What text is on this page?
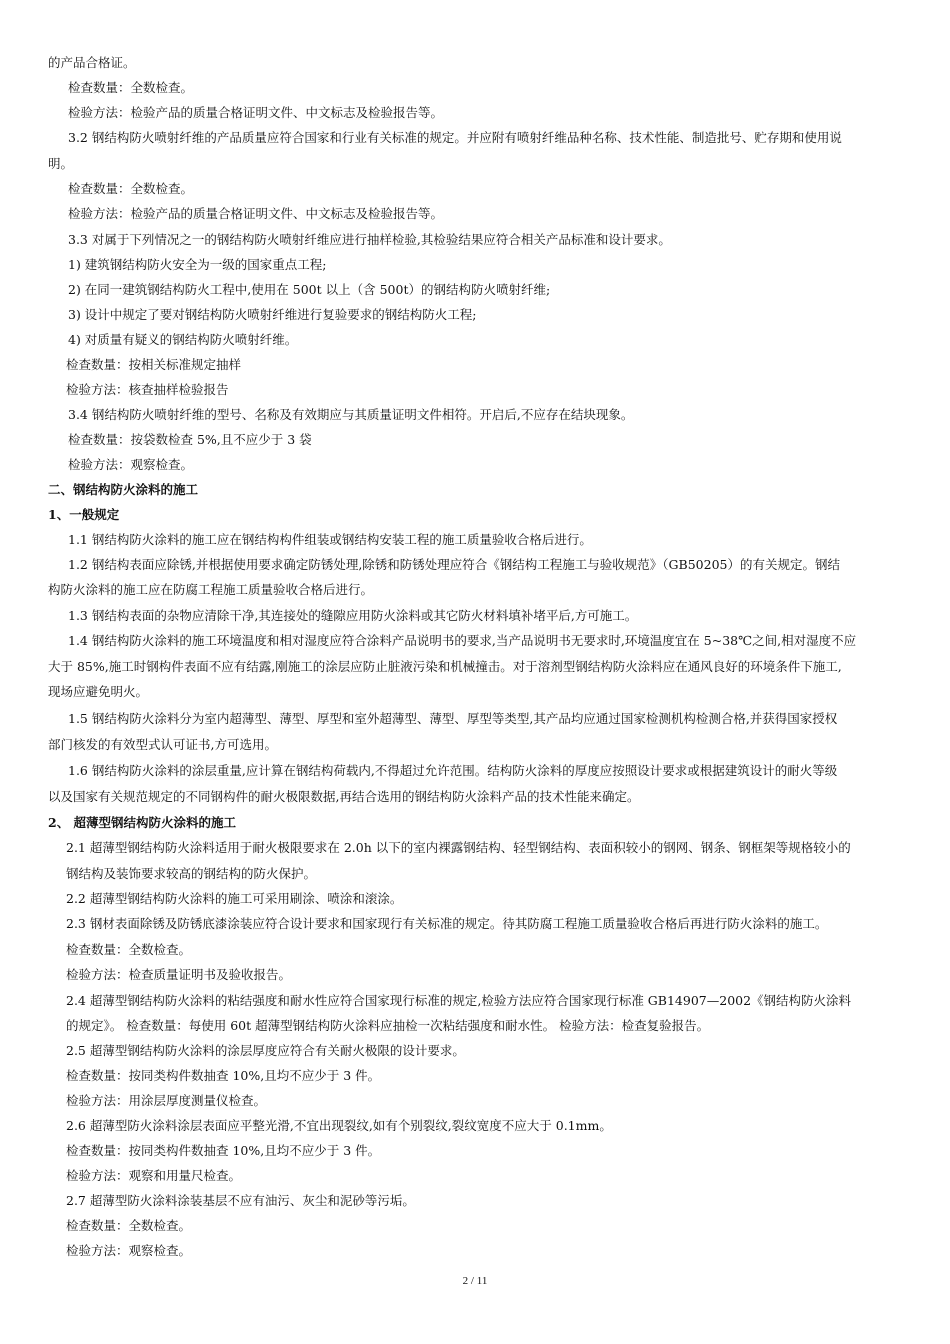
的产品合格证。
检查数量：全数检查。
检验方法：检验产品的质量合格证明文件、中文标志及检验报告等。
3.2 钢结构防火喷射纤维的产品质量应符合国家和行业有关标准的规定。并应附有喷射纤维品种名称、技术性能、制造批号、贮存期和使用说
明。
检查数量：全数检查。
检验方法：检验产品的质量合格证明文件、中文标志及检验报告等。
3.3 对属于下列情况之一的钢结构防火喷射纤维应进行抽样检验,其检验结果应符合相关产品标准和设计要求。
1) 建筑钢结构防火安全为一级的国家重点工程;
2) 在同一建筑钢结构防火工程中,使用在 500t 以上（含 500t）的钢结构防火喷射纤维;
3) 设计中规定了要对钢结构防火喷射纤维进行复验要求的钢结构防火工程;
4) 对质量有疑义的钢结构防火喷射纤维。
检查数量：按相关标准规定抽样
检验方法：核查抽样检验报告
3.4 钢结构防火喷射纤维的型号、名称及有效期应与其质量证明文件相符。开启后,不应存在结块现象。
检查数量：按袋数检查 5%,且不应少于 3 袋
检验方法：观察检查。
二、钢结构防火涂料的施工
1、一般规定
1.1 钢结构防火涂料的施工应在钢结构构件组装或钢结构安装工程的施工质量验收合格后进行。
1.2 钢结构表面应除锈,并根据使用要求确定防锈处理,除锈和防锈处理应符合《钢结构工程施工与验收规范》（GB50205）的有关规定。钢结
构防火涂料的施工应在防腐工程施工质量验收合格后进行。
1.3 钢结构表面的杂物应清除干净,其连接处的缝隙应用防火涂料或其它防火材料填补堵平后,方可施工。
1.4 钢结构防火涂料的施工环境温度和相对湿度应符合涂料产品说明书的要求,当产品说明书无要求时,环境温度宜在 5~38℃之间,相对湿度不应
大于 85%,施工时钢构件表面不应有结露,刚施工的涂层应防止脏液污染和机械撞击。对于溶剂型钢结构防火涂料应在通风良好的环境条件下施工,
现场应避免明火。
1.5 钢结构防火涂料分为室内超薄型、薄型、厚型和室外超薄型、薄型、厚型等类型,其产品均应通过国家检测机构检测合格,并获得国家授权
部门核发的有效型式认可证书,方可选用。
1.6 钢结构防火涂料的涂层重量,应计算在钢结构荷载内,不得超过允许范围。结构防火涂料的厚度应按照设计要求或根据建筑设计的耐火等级
以及国家有关规范规定的不同钢构件的耐火极限数据,再结合选用的钢结构防火涂料产品的技术性能来确定。
2、 超薄型钢结构防火涂料的施工
2.1 超薄型钢结构防火涂料适用于耐火极限要求在 2.0h 以下的室内裸露钢结构、轻型钢结构、表面积较小的钢网、钢条、钢框架等规格较小的
钢结构及装饰要求较高的钢结构的防火保护。
2.2 超薄型钢结构防火涂料的施工可采用刷涂、喷涂和滚涂。
2.3 钢材表面除锈及防锈底漆涂装应符合设计要求和国家现行有关标准的规定。待其防腐工程施工质量验收合格后再进行防火涂料的施工。
检查数量：全数检查。
检验方法：检查质量证明书及验收报告。
2.4 超薄型钢结构防火涂料的粘结强度和耐水性应符合国家现行标准的规定,检验方法应符合国家现行标准 GB14907—2002《钢结构防火涂料
的规定》。 检查数量：每使用 60t 超薄型钢结构防火涂料应抽检一次粘结强度和耐水性。 检验方法：检查复验报告。
2.5 超薄型钢结构防火涂料的涂层厚度应符合有关耐火极限的设计要求。
检查数量：按同类构件数抽查 10%,且均不应少于 3 件。
检验方法：用涂层厚度测量仪检查。
2.6 超薄型防火涂料涂层表面应平整光滑,不宜出现裂纹,如有个别裂纹,裂纹宽度不应大于 0.1mm。
检查数量：按同类构件数抽查 10%,且均不应少于 3 件。
检验方法：观察和用量尺检查。
2.7 超薄型防火涂料涂装基层不应有油污、灰尘和泥砂等污垢。
检查数量：全数检查。
检验方法：观察检查。
2 / 11
